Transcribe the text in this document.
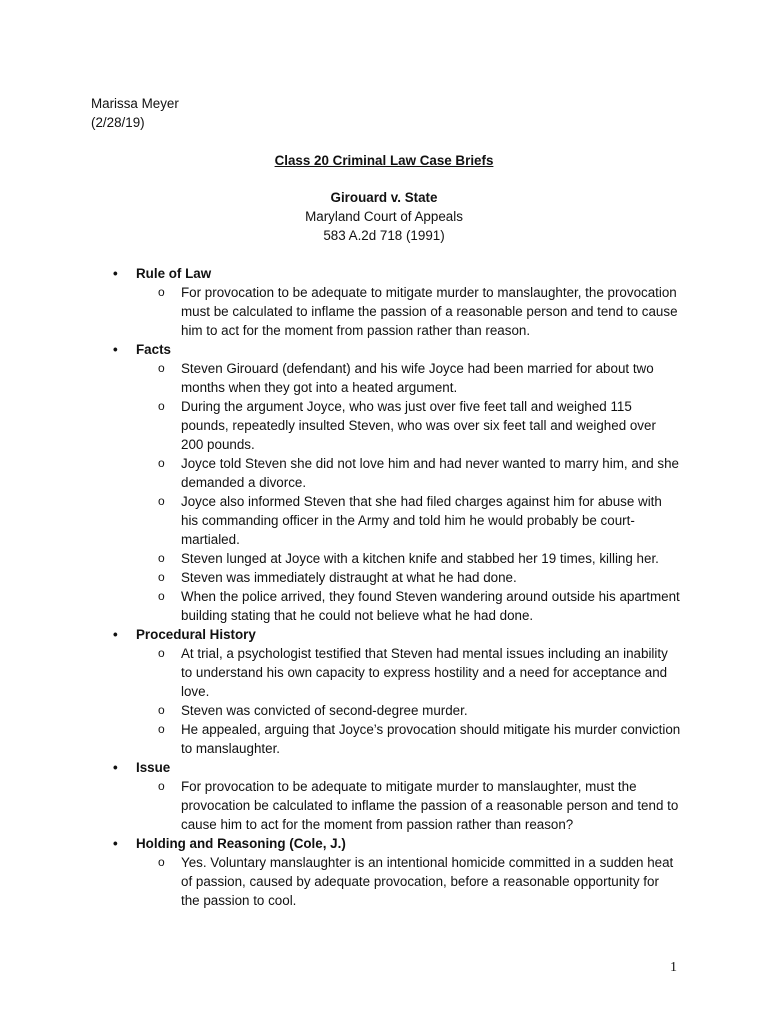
Marissa Meyer
(2/28/19)
Class 20 Criminal Law Case Briefs
Girouard v. State
Maryland Court of Appeals
583 A.2d 718 (1991)
• Rule of Law
o For provocation to be adequate to mitigate murder to manslaughter, the provocation must be calculated to inflame the passion of a reasonable person and tend to cause him to act for the moment from passion rather than reason.
• Facts
o Steven Girouard (defendant) and his wife Joyce had been married for about two months when they got into a heated argument.
o During the argument Joyce, who was just over five feet tall and weighed 115 pounds, repeatedly insulted Steven, who was over six feet tall and weighed over 200 pounds.
o Joyce told Steven she did not love him and had never wanted to marry him, and she demanded a divorce.
o Joyce also informed Steven that she had filed charges against him for abuse with his commanding officer in the Army and told him he would probably be court-martialed.
o Steven lunged at Joyce with a kitchen knife and stabbed her 19 times, killing her.
o Steven was immediately distraught at what he had done.
o When the police arrived, they found Steven wandering around outside his apartment building stating that he could not believe what he had done.
• Procedural History
o At trial, a psychologist testified that Steven had mental issues including an inability to understand his own capacity to express hostility and a need for acceptance and love.
o Steven was convicted of second-degree murder.
o He appealed, arguing that Joyce’s provocation should mitigate his murder conviction to manslaughter.
• Issue
o For provocation to be adequate to mitigate murder to manslaughter, must the provocation be calculated to inflame the passion of a reasonable person and tend to cause him to act for the moment from passion rather than reason?
• Holding and Reasoning (Cole, J.)
o Yes. Voluntary manslaughter is an intentional homicide committed in a sudden heat of passion, caused by adequate provocation, before a reasonable opportunity for the passion to cool.
1
